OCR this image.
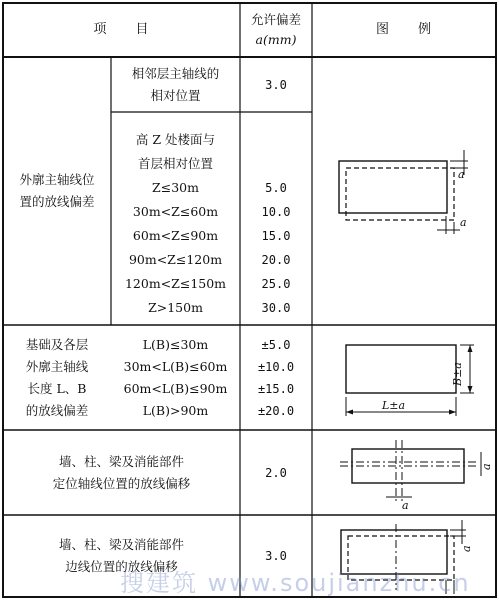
a
a
B±a
L±a
a
a
a
项　　目
允许偏差
a(mm)
图　　例
外廓主轴线位
置的放线偏差
相邻层主轴线的
相对位置
3.0
高 Z 处楼面与
首层相对位置
Z≤30m
30m<Z≤60m
60m<Z≤90m
90m<Z≤120m
120m<Z≤150m
Z>150m
5.0
10.0
15.0
20.0
25.0
30.0
基础及各层
外廓主轴线
长度 L、B
的放线偏差
L(B)≤30m
30m<L(B)≤60m
60m<L(B)≤90m
L(B)>90m
±5.0
±10.0
±15.0
±20.0
墙、柱、梁及消能部件
定位轴线位置的放线偏移
2.0
墙、柱、梁及消能部件
边线位置的放线偏移
3.0
搜建筑 www.soujianzhu.cn
